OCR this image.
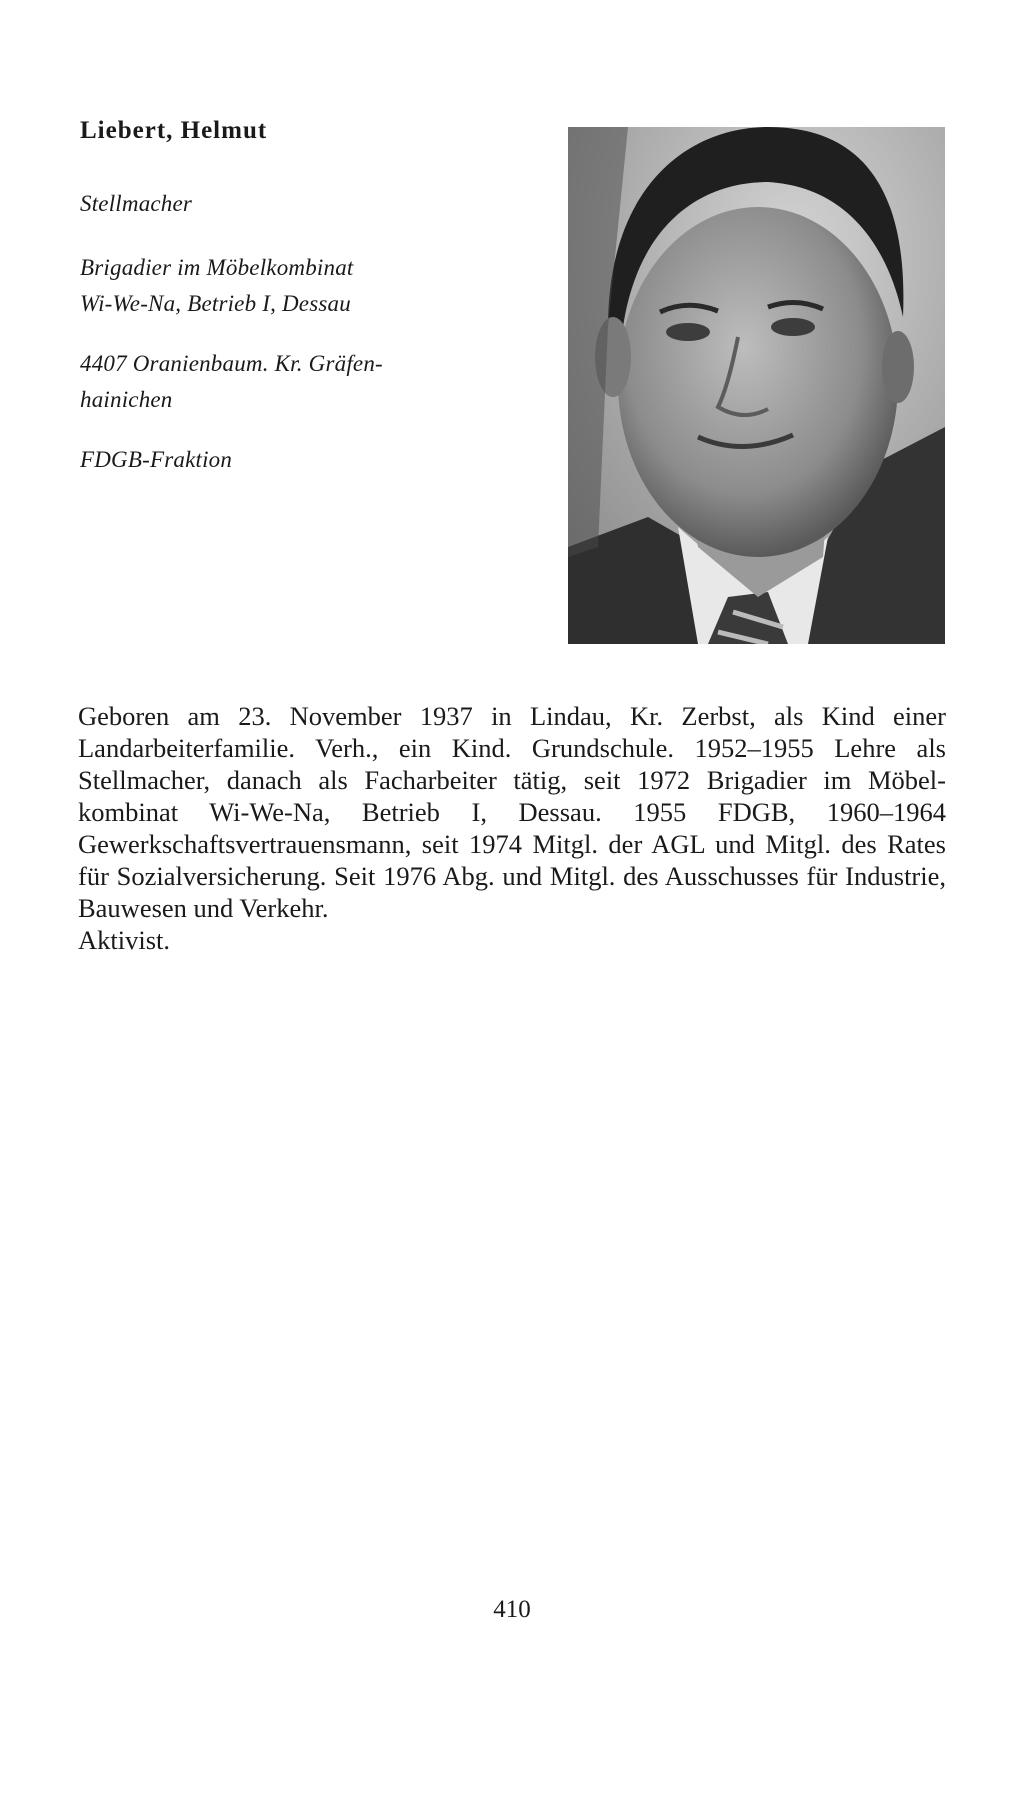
Liebert, Helmut

Stellmacher

Brigadier im Möbelkombinat
Wi-We-Na, Betrieb I, Dessau
4407 Oranienbaum. Kr. Gräfen-
hainichen

FDGB-Fraktion

Geboren am 23. November 1937 in Lindau, Kr. Zerbst, als Kind einer Landarbeiterfamilie. Verh., ein Kind. Grundschule. 1952–1955 Lehre als Stellmacher, danach als Facharbeiter tätig, seit 1972 Brigadier im Möbel-kombinat Wi-We-Na, Betrieb I, Dessau. 1955 FDGB, 1960–1964 Gewerkschaftsvertrauensmann, seit 1974 Mitgl. der AGL und Mitgl. des Rates für Sozialversicherung. Seit 1976 Abg. und Mitgl. des Ausschusses für Industrie, Bauwesen und Verkehr.

Aktivist.

410
